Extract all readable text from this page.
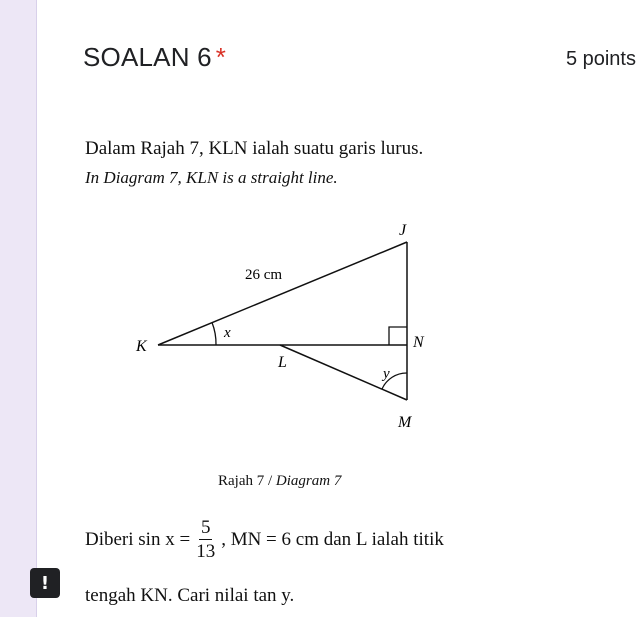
SOALAN 6 *	5 points
Dalam Rajah 7, KLN ialah suatu garis lurus.
In Diagram 7, KLN is a straight line.
J
K	N
L
M
x
y
26 cm
Rajah 7 / Diagram 7
Diberi $\sin x = \frac{5}{13}$ , MN = 6 cm dan L ialah titik
!
tengah KN. Cari nilai tan y.
